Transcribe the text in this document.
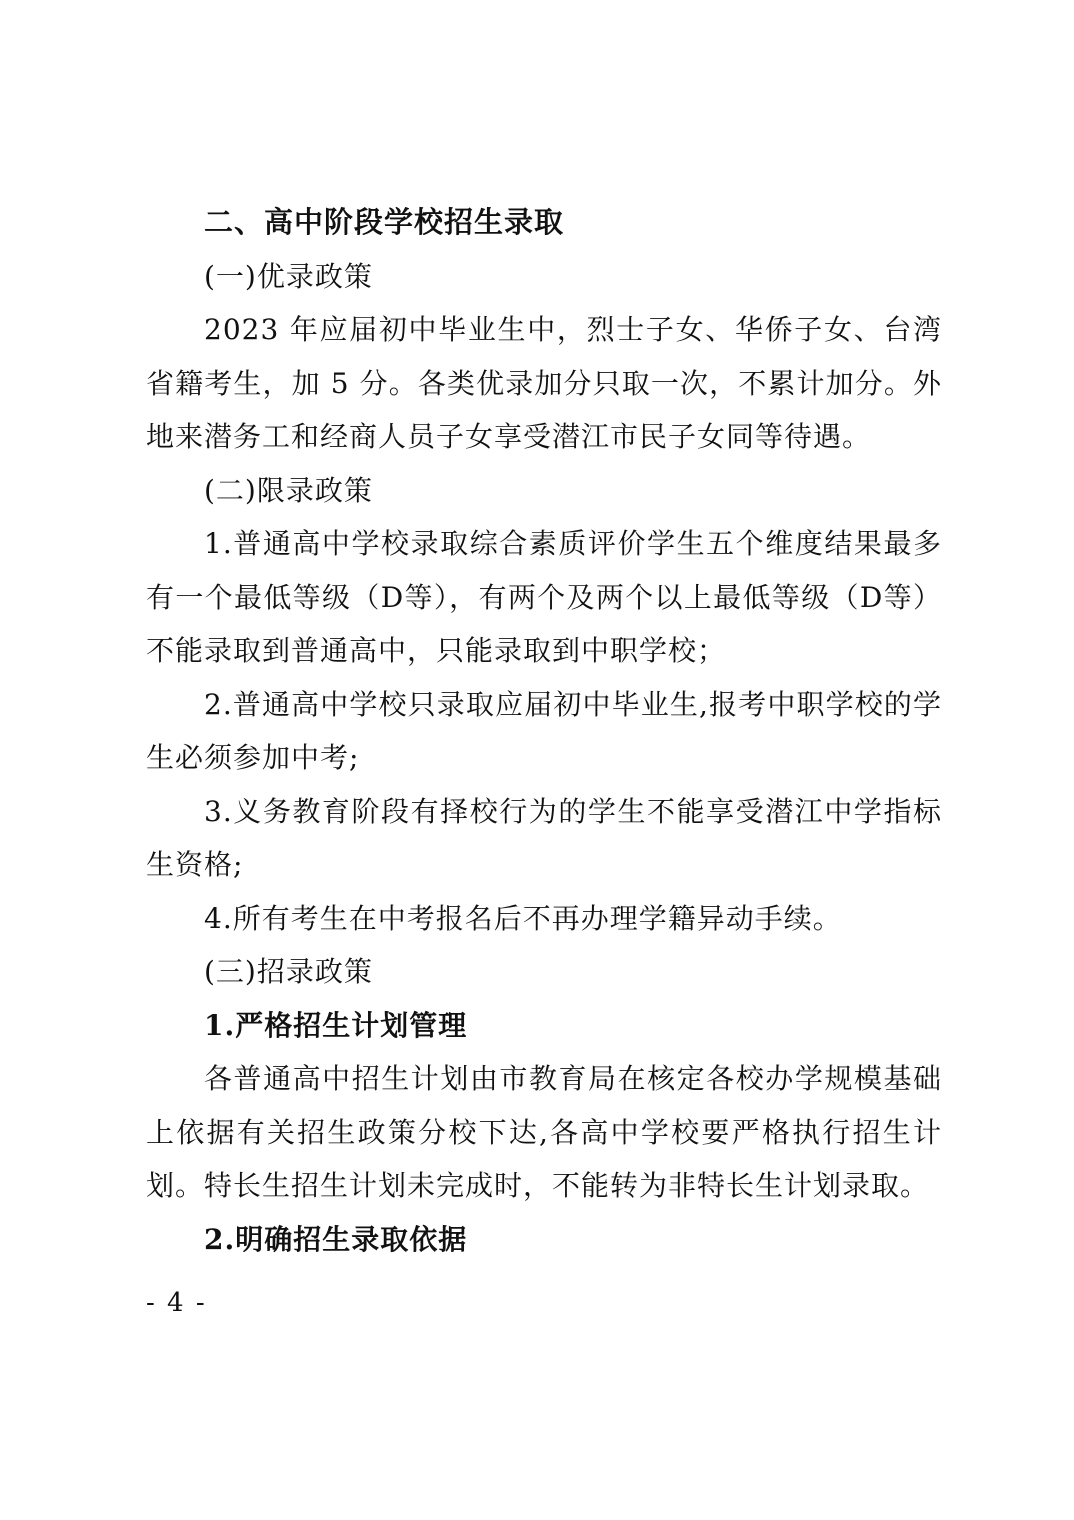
二、高中阶段学校招生录取

(一)优录政策

2023 年应届初中毕业生中，烈士子女、华侨子女、台湾省籍考生，加 5 分。各类优录加分只取一次，不累计加分。外地来潜务工和经商人员子女享受潜江市民子女同等待遇。

(二)限录政策

1.普通高中学校录取综合素质评价学生五个维度结果最多有一个最低等级（D等），有两个及两个以上最低等级（D等）不能录取到普通高中，只能录取到中职学校；

2.普通高中学校只录取应届初中毕业生,报考中职学校的学生必须参加中考;

3.义务教育阶段有择校行为的学生不能享受潜江中学指标生资格;

4.所有考生在中考报名后不再办理学籍异动手续。

(三)招录政策

1.严格招生计划管理

各普通高中招生计划由市教育局在核定各校办学规模基础上依据有关招生政策分校下达,各高中学校要严格执行招生计划。特长生招生计划未完成时，不能转为非特长生计划录取。

2.明确招生录取依据

- 4 -
